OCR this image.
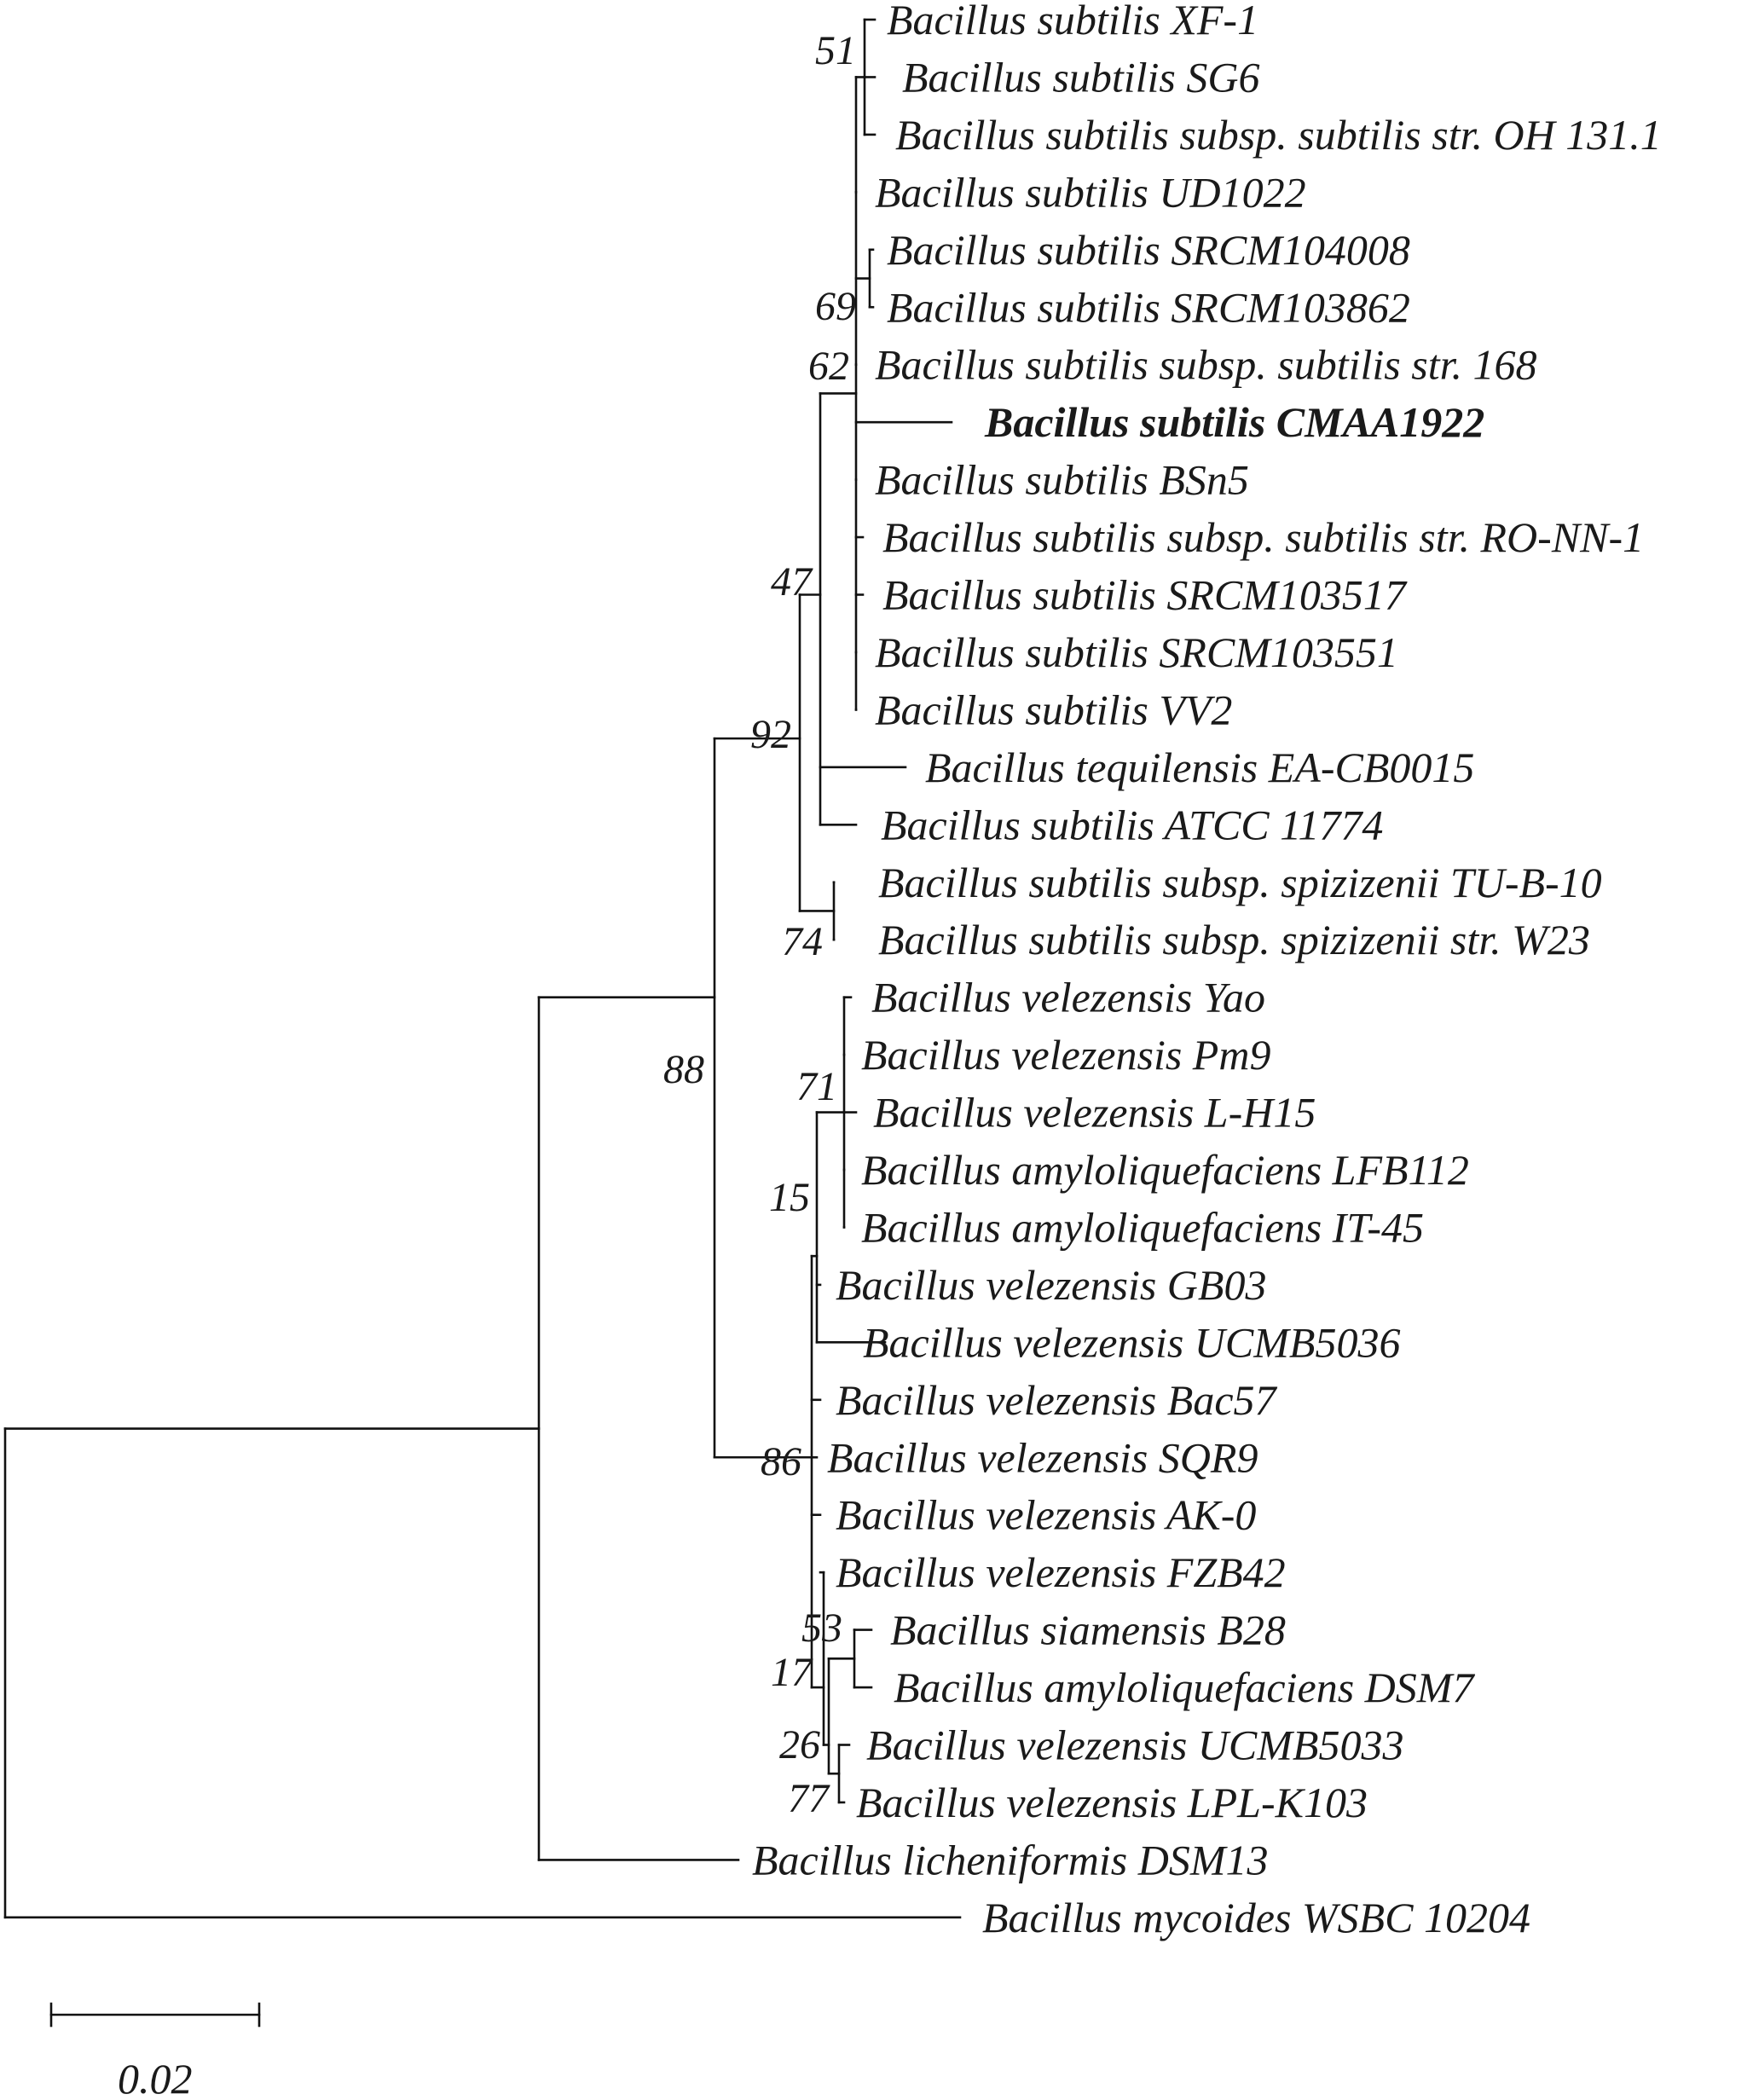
Bacillus subtilis XF-1
Bacillus subtilis SG6
Bacillus subtilis subsp. subtilis str. OH 131.1
Bacillus subtilis UD1022
Bacillus subtilis SRCM104008
Bacillus subtilis SRCM103862
Bacillus subtilis subsp. subtilis str. 168
Bacillus subtilis CMAA1922
Bacillus subtilis BSn5
Bacillus subtilis subsp. subtilis str. RO-NN-1
Bacillus subtilis SRCM103517
Bacillus subtilis SRCM103551
Bacillus subtilis VV2
Bacillus tequilensis EA-CB0015
Bacillus subtilis ATCC 11774
Bacillus subtilis subsp. spizizenii TU-B-10
Bacillus subtilis subsp. spizizenii str. W23
Bacillus velezensis Yao
Bacillus velezensis Pm9
Bacillus velezensis L-H15
Bacillus amyloliquefaciens LFB112
Bacillus amyloliquefaciens IT-45
Bacillus velezensis GB03
Bacillus velezensis UCMB5036
Bacillus velezensis Bac57
Bacillus velezensis SQR9
Bacillus velezensis AK-0
Bacillus velezensis FZB42
Bacillus siamensis B28
Bacillus amyloliquefaciens DSM7
Bacillus velezensis UCMB5033
Bacillus velezensis LPL-K103
Bacillus licheniformis DSM13
Bacillus mycoides WSBC 10204
51
69
62
47
92
74
88 71
15
86
53
17
26
77
0.02
